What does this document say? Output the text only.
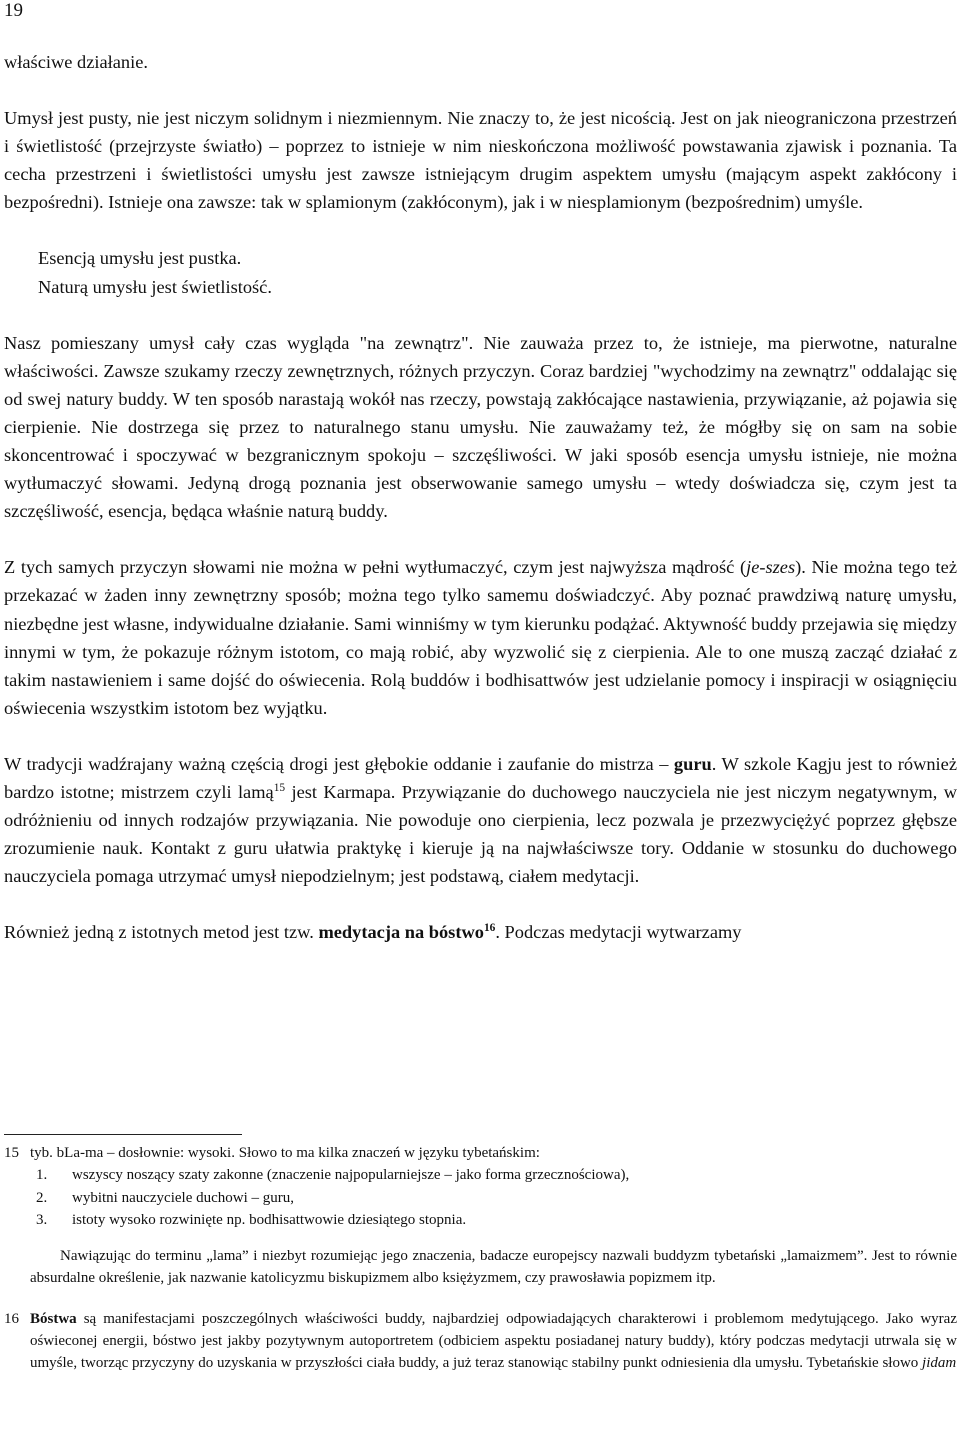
19

właściwe działanie.

Umysł jest pusty, nie jest niczym solidnym i niezmiennym. Nie znaczy to, że jest nicością. Jest on jak nieograniczona przestrzeń i świetlistość (przejrzyste światło) – poprzez to istnieje w nim nieskończona możliwość powstawania zjawisk i poznania. Ta cecha przestrzeni i świetlistości umysłu jest zawsze istniejącym drugim aspektem umysłu (mającym aspekt zakłócony i bezpośredni). Istnieje ona zawsze: tak w splamionym (zakłóconym), jak i w niesplamionym (bezpośrednim) umyśle.

Esencją umysłu jest pustka.
Naturą umysłu jest świetlistość.

Nasz pomieszany umysł cały czas wygląda "na zewnątrz". Nie zauważa przez to, że istnieje, ma pierwotne, naturalne właściwości. Zawsze szukamy rzeczy zewnętrznych, różnych przyczyn. Coraz bardziej "wychodzimy na zewnątrz" oddalając się od swej natury buddy. W ten sposób narastają wokół nas rzeczy, powstają zakłócające nastawienia, przywiązanie, aż pojawia się cierpienie. Nie dostrzega się przez to naturalnego stanu umysłu. Nie zauważamy też, że mógłby się on sam na sobie skoncentrować i spoczywać w bezgranicznym spokoju – szczęśliwości. W jaki sposób esencja umysłu istnieje, nie można wytłumaczyć słowami. Jedyną drogą poznania jest obserwowanie samego umysłu – wtedy doświadcza się, czym jest ta szczęśliwość, esencja, będąca właśnie naturą buddy.

Z tych samych przyczyn słowami nie można w pełni wytłumaczyć, czym jest najwyższa mądrość (je-szes). Nie można tego też przekazać w żaden inny zewnętrzny sposób; można tego tylko samemu doświadczyć. Aby poznać prawdziwą naturę umysłu, niezbędne jest własne, indywidualne działanie. Sami winniśmy w tym kierunku podążać. Aktywność buddy przejawia się między innymi w tym, że pokazuje różnym istotom, co mają robić, aby wyzwolić się z cierpienia. Ale to one muszą zacząć działać z takim nastawieniem i same dojść do oświecenia. Rolą buddów i bodhisattwów jest udzielanie pomocy i inspiracji w osiągnięciu oświecenia wszystkim istotom bez wyjątku.

W tradycji wadźrajany ważną częścią drogi jest głębokie oddanie i zaufanie do mistrza – guru. W szkole Kagju jest to również bardzo istotne; mistrzem czyli lamą$^{15}$ jest Karmapa. Przywiązanie do duchowego nauczyciela nie jest niczym negatywnym, w odróżnieniu od innych rodzajów przywiązania. Nie powoduje ono cierpienia, lecz pozwala je przezwyciężyć poprzez głębsze zrozumienie nauk. Kontakt z guru ułatwia praktykę i kieruje ją na najwłaściwsze tory. Oddanie w stosunku do duchowego nauczyciela pomaga utrzymać umysł niepodzielnym; jest podstawą, ciałem medytacji.

Również jedną z istotnych metod jest tzw. medytacja na bóstwo$^{16}$. Podczas medytacji wytwarzamy

15 tyb. bLa-ma – dosłownie: wysoki. Słowo to ma kilka znaczeń w języku tybetańskim:
1. wszyscy noszący szaty zakonne (znaczenie najpopularniejsze – jako forma grzecznościowa),
2. wybitni nauczyciele duchowi – guru,
3. istoty wysoko rozwinięte np. bodhisattwowie dziesiątego stopnia.
Nawiązując do terminu „lama” i niezbyt rozumiejąc jego znaczenia, badacze europejscy nazwali buddyzm tybetański „lamaizmem”. Jest to równie absurdalne określenie, jak nazwanie katolicyzmu biskupizmem albo księżyzmem, czy prawosławia popizmem itp.
16 Bóstwa są manifestacjami poszczególnych właściwości buddy, najbardziej odpowiadających charakterowi i problemom medytującego. Jako wyraz oświeconej energii, bóstwo jest jakby pozytywnym autoportretem (odbiciem aspektu posiadanej natury buddy), który podczas medytacji utrwala się w umyśle, tworząc przyczyny do uzyskania w przyszłości ciała buddy, a już teraz stanowiąc stabilny punkt odniesienia dla umysłu. Tybetańskie słowo jidam
